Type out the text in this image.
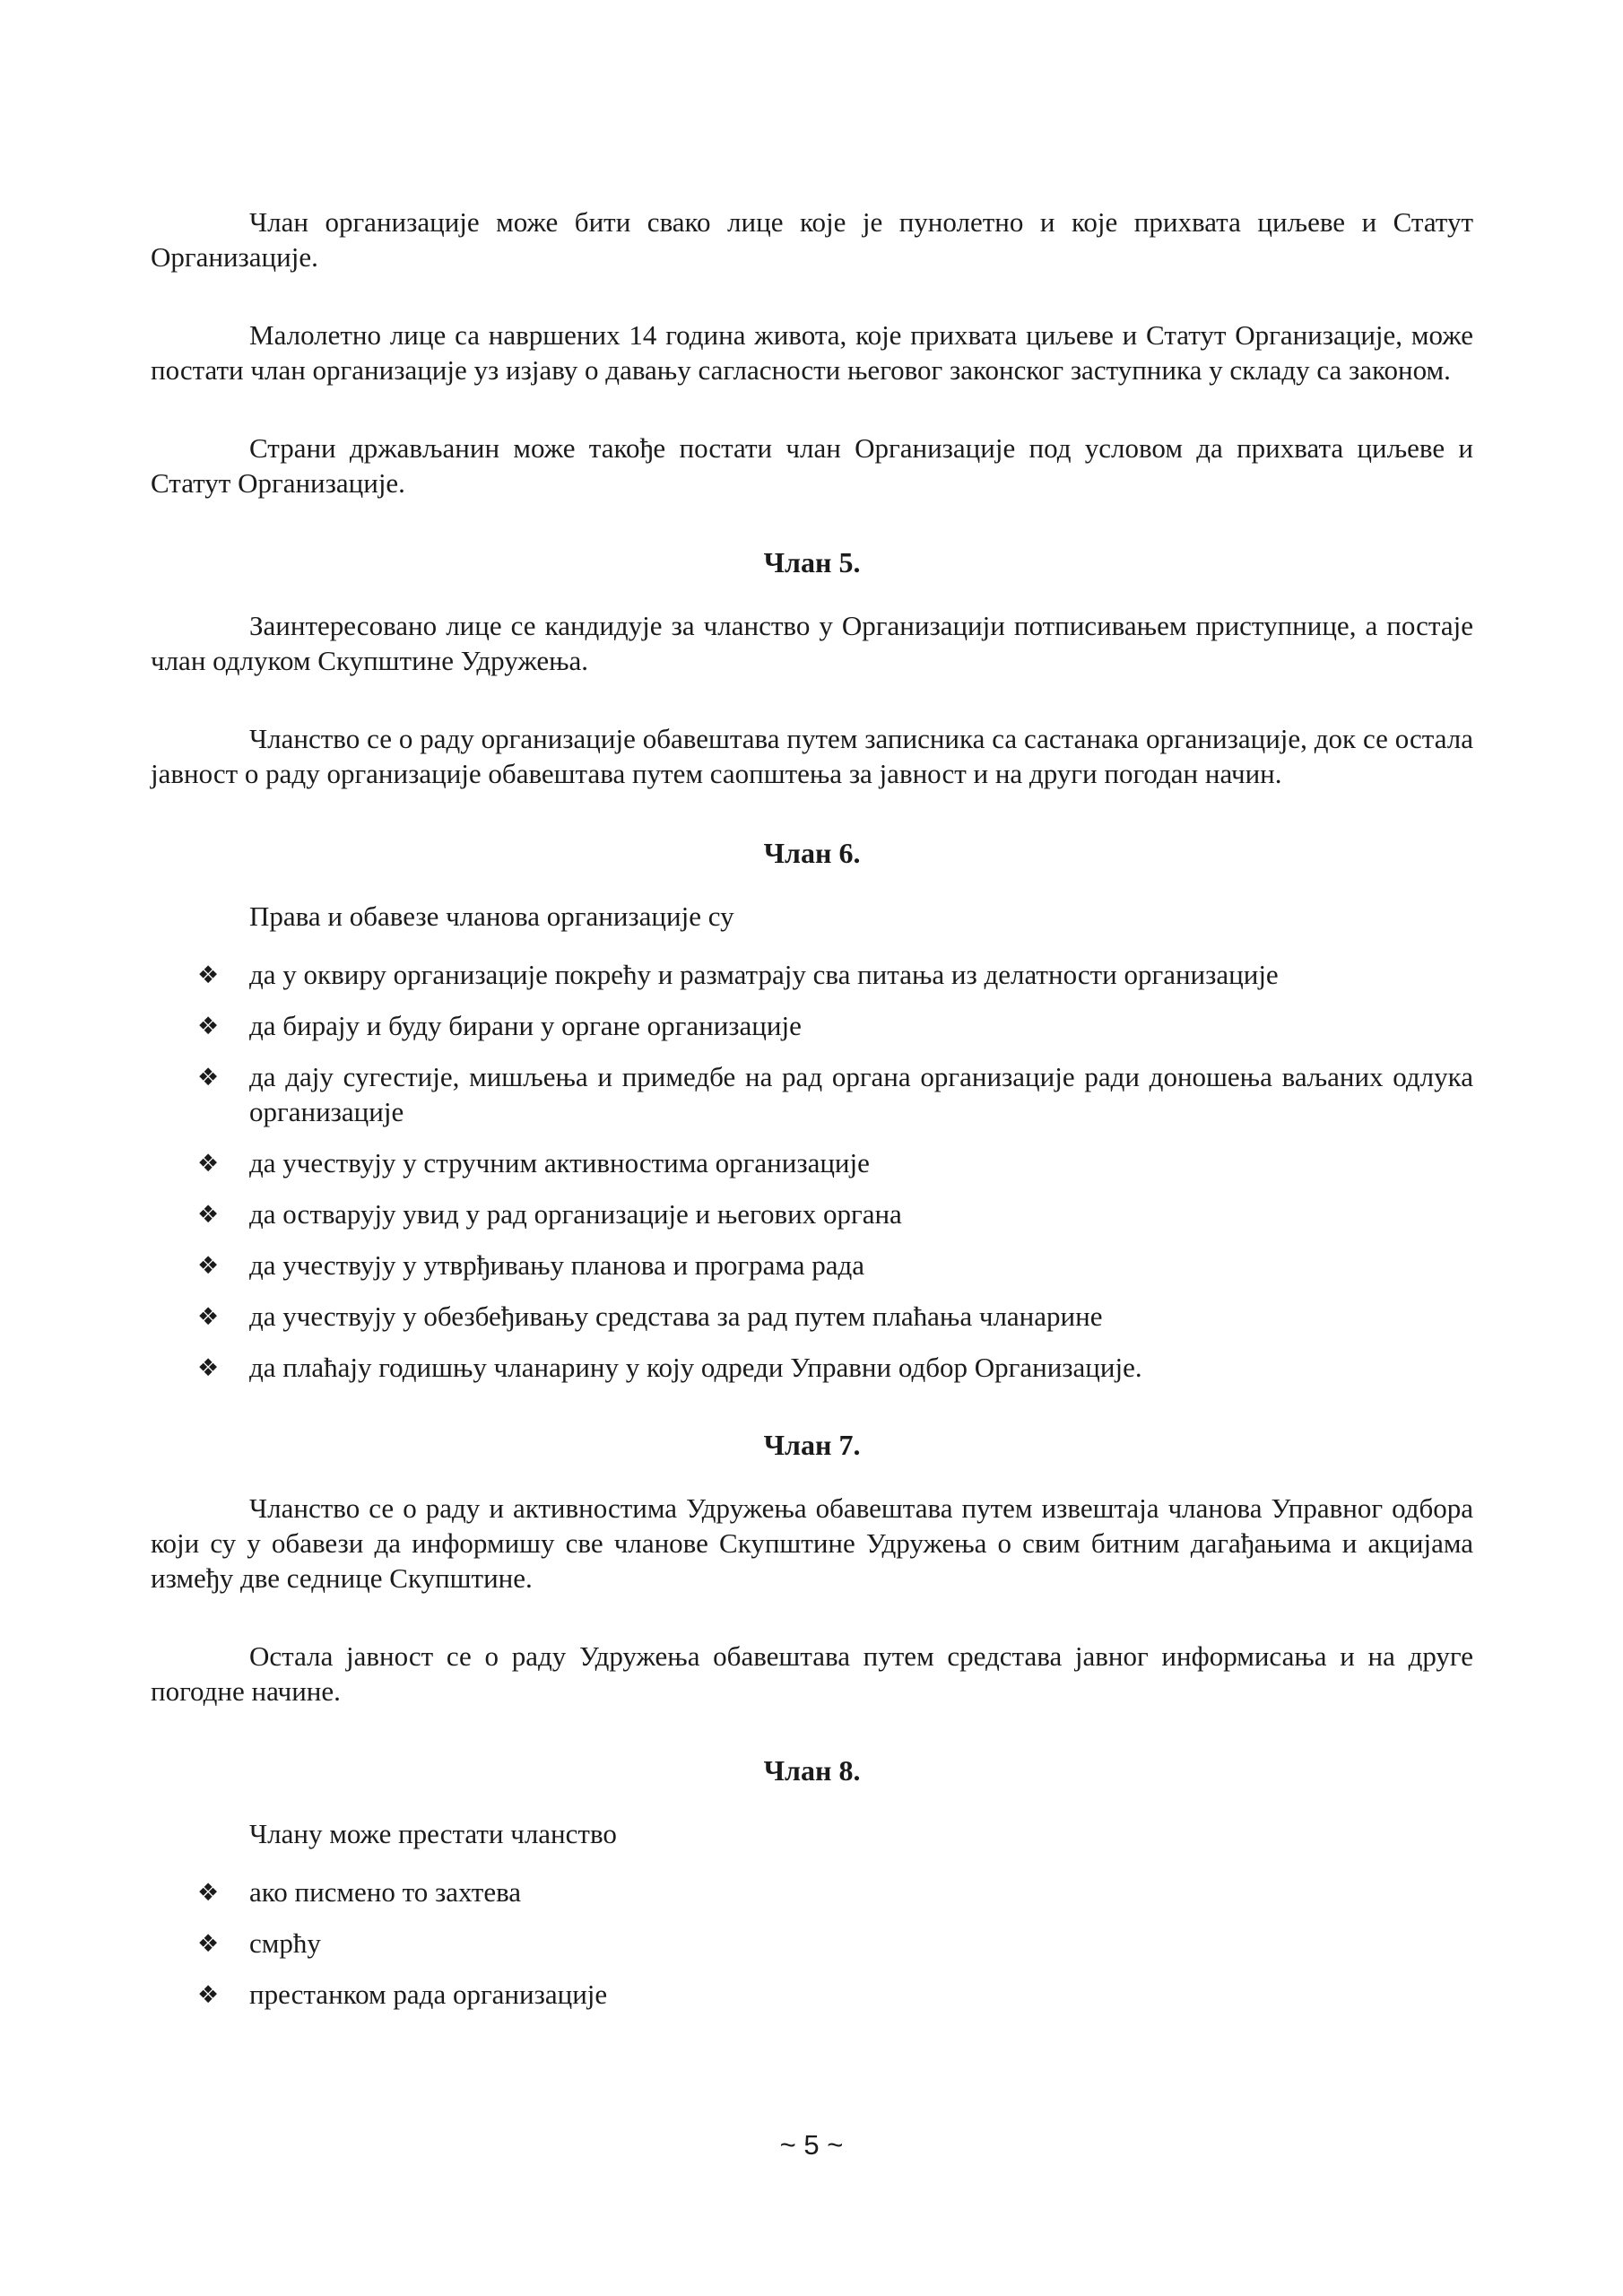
Члан организације може бити свако лице које је пунолетно и које прихвата циљеве и Статут Организације.

Малолетно лице са навршених 14 година живота, које прихвата циљеве и Статут Организације, може постати члан организације уз изјаву о давању сагласности његовог законског заступника у складу са законом.

Страни држављанин може такође постати члан Организације под условом да прихвата циљеве и Статут Организације.

Члан 5.

Заинтересовано лице се кандидује за чланство у Организацији потписивањем приступнице, а постаје члан одлуком Скупштине Удружења.

Чланство се о раду организације обавештава путем записника са састанака организације, док се остала јавност о раду организације обавештава путем саопштења за јавност и на други погодан начин.

Члан 6.

Права и обавезе чланова организације су

❖ да у оквиру организације покрећу и разматрају сва питања из делатности организације
❖ да бирају и буду бирани у органе организације
❖ да дају сугестије, мишљења и примедбе на рад органа организације ради доношења ваљаних одлука организације
❖ да учествују у стручним активностима организације
❖ да остварују увид у рад организације и његових органа
❖ да учествују у утврђивању планова и програма рада
❖ да учествују у обезбеђивању средстава за рад путем плаћања чланарине
❖ да плаћају годишњу чланарину у коју одреди Управни одбор Организације.
Члан 7.

Чланство се о раду и активностима Удружења обавештава путем извештаја чланова Управног одбора који су у обавези да информишу све чланове Скупштине Удружења о свим битним дагађањима и акцијама између две седнице Скупштине.

Остала јавност се о раду Удружења обавештава путем средстава јавног информисања и на друге погодне начине.

Члан 8.

Члану може престати чланство

❖ ако писмено то захтева
❖ смрћу
❖ престанком рада организације
~ 5 ~
